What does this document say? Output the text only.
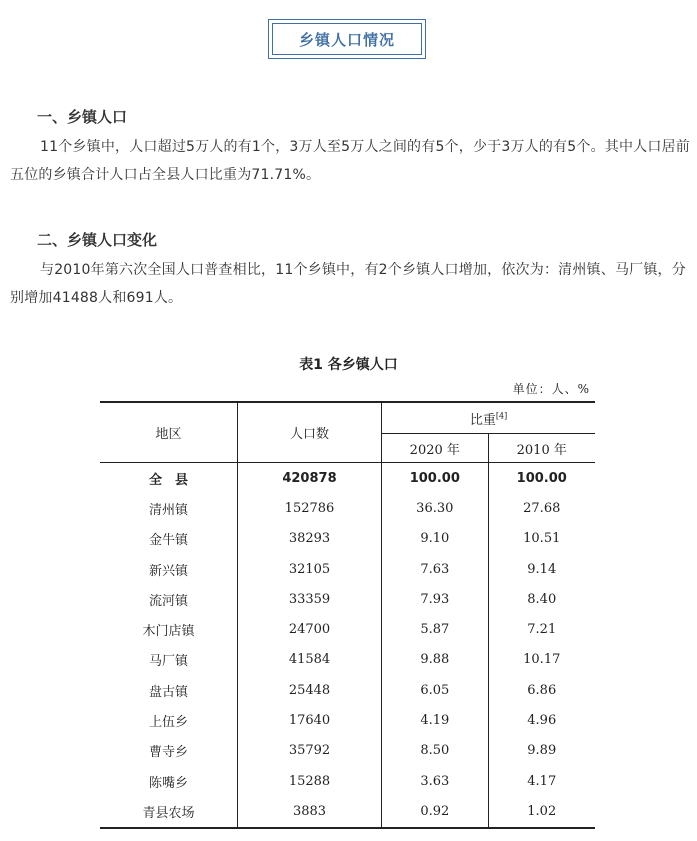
乡镇人口情况
一、乡镇人口
11个乡镇中，人口超过5万人的有1个，3万人至5万人之间的有5个，少于3万人的有5个。其中人口居前五位的乡镇合计人口占全县人口比重为71.71%。
二、乡镇人口变化
与2010年第六次全国人口普查相比，11个乡镇中，有2个乡镇人口增加，依次为：清州镇、马厂镇，分别增加41488人和691人。
表1 各乡镇人口
单位：人、%
地区	人口数	比重[4]
		2020 年	2010 年
全　县	420878	100.00	100.00
清州镇	152786	36.30	27.68
金牛镇	38293	9.10	10.51
新兴镇	32105	7.63	9.14
流河镇	33359	7.93	8.40
木门店镇	24700	5.87	7.21
马厂镇	41584	9.88	10.17
盘古镇	25448	6.05	6.86
上伍乡	17640	4.19	4.96
曹寺乡	35792	8.50	9.89
陈嘴乡	15288	3.63	4.17
青县农场	3883	0.92	1.02
